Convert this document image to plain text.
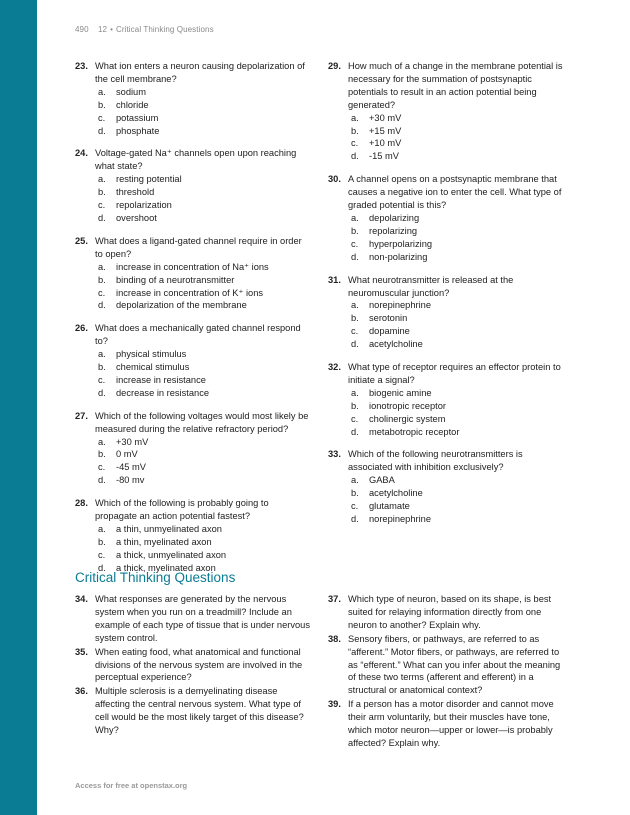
490 12 • Critical Thinking Questions
23. What ion enters a neuron causing depolarization of the cell membrane?
a. sodium
b. chloride
c. potassium
d. phosphate
24. Voltage-gated Na⁺ channels open upon reaching what state?
a. resting potential
b. threshold
c. repolarization
d. overshoot
25. What does a ligand-gated channel require in order to open?
a. increase in concentration of Na⁺ ions
b. binding of a neurotransmitter
c. increase in concentration of K⁺ ions
d. depolarization of the membrane
26. What does a mechanically gated channel respond to?
a. physical stimulus
b. chemical stimulus
c. increase in resistance
d. decrease in resistance
27. Which of the following voltages would most likely be measured during the relative refractory period?
a. +30 mV
b. 0 mV
c. -45 mV
d. -80 mv
28. Which of the following is probably going to propagate an action potential fastest?
a. a thin, unmyelinated axon
b. a thin, myelinated axon
c. a thick, unmyelinated axon
d. a thick, myelinated axon
29. How much of a change in the membrane potential is necessary for the summation of postsynaptic potentials to result in an action potential being generated?
a. +30 mV
b. +15 mV
c. +10 mV
d. -15 mV
30. A channel opens on a postsynaptic membrane that causes a negative ion to enter the cell. What type of graded potential is this?
a. depolarizing
b. repolarizing
c. hyperpolarizing
d. non-polarizing
31. What neurotransmitter is released at the neuromuscular junction?
a. norepinephrine
b. serotonin
c. dopamine
d. acetylcholine
32. What type of receptor requires an effector protein to initiate a signal?
a. biogenic amine
b. ionotropic receptor
c. cholinergic system
d. metabotropic receptor
33. Which of the following neurotransmitters is associated with inhibition exclusively?
a. GABA
b. acetylcholine
c. glutamate
d. norepinephrine
Critical Thinking Questions
34. What responses are generated by the nervous system when you run on a treadmill? Include an example of each type of tissue that is under nervous system control.
35. When eating food, what anatomical and functional divisions of the nervous system are involved in the perceptual experience?
36. Multiple sclerosis is a demyelinating disease affecting the central nervous system. What type of cell would be the most likely target of this disease? Why?
37. Which type of neuron, based on its shape, is best suited for relaying information directly from one neuron to another? Explain why.
38. Sensory fibers, or pathways, are referred to as “afferent.” Motor fibers, or pathways, are referred to as “efferent.” What can you infer about the meaning of these two terms (afferent and efferent) in a structural or anatomical context?
39. If a person has a motor disorder and cannot move their arm voluntarily, but their muscles have tone, which motor neuron—upper or lower—is probably affected? Explain why.
Access for free at openstax.org
